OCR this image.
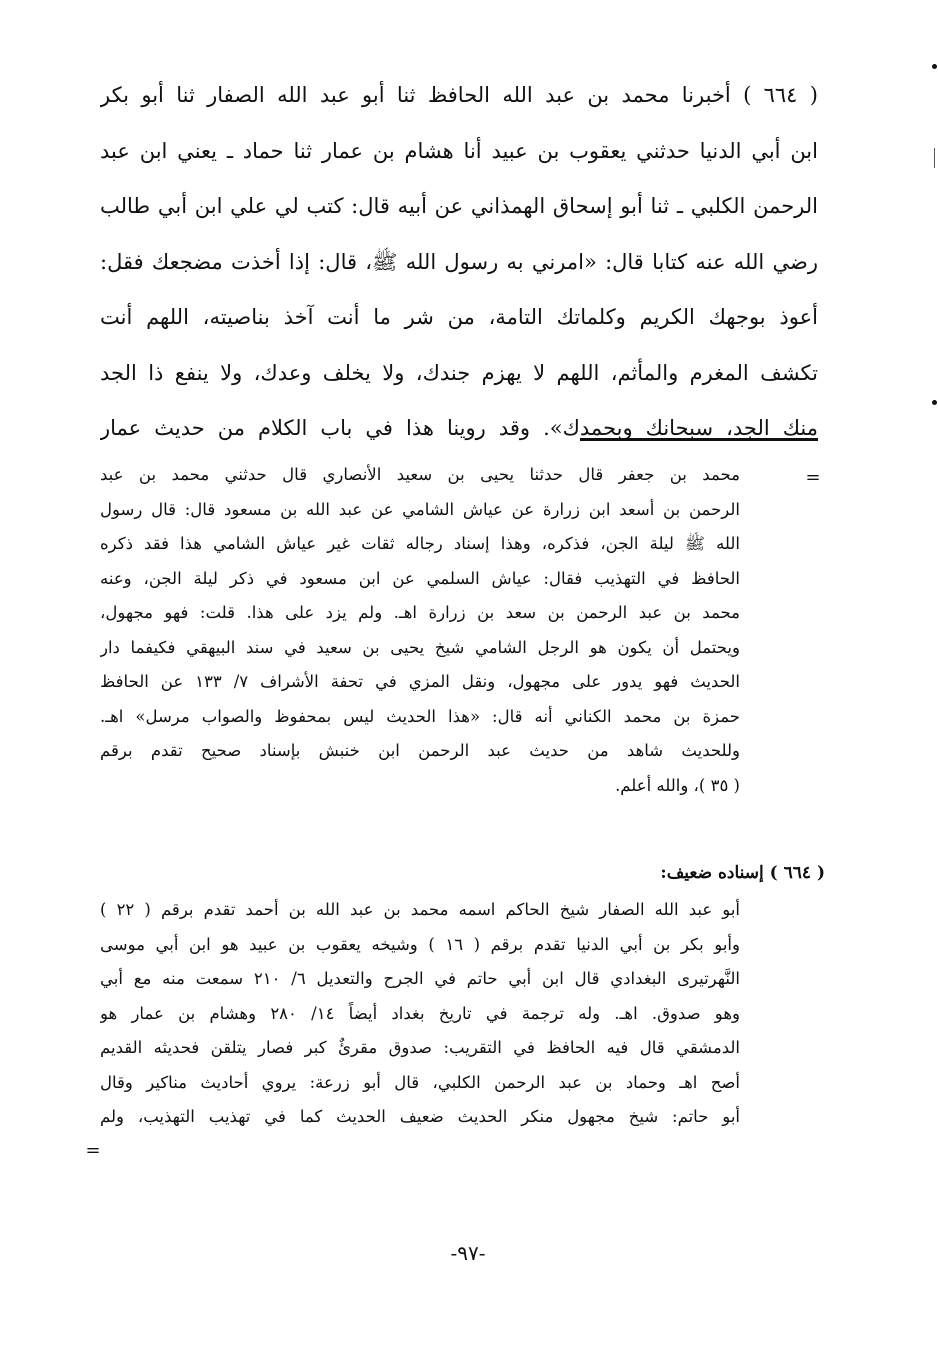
( ٦٦٤ ) أخبرنا محمد بن عبد الله الحافظ ثنا أبو عبد الله الصفار ثنا أبو بكر
ابن أبي الدنيا حدثني يعقوب بن عبيد أنا هشام بن عمار ثنا حماد ـ يعني ابن عبد
الرحمن الكلبي ـ ثنا أبو إسحاق الهمذاني عن أبيه قال: كتب لي علي ابن أبي طالب
رضي الله عنه كتابا قال: «امرني به رسول الله ﷺ، قال: إذا أخذت مضجعك فقل:
أعوذ بوجهك الكريم وكلماتك التامة، من شر ما أنت آخذ بناصيته، اللهم أنت
تكشف المغرم والمأثم، اللهم لا يهزم جندك، ولا يخلف وعدك، ولا ينفع ذا الجد
منك الجد، سبحانك وبحمدك». وقد روينا هذا في باب الكلام من حديث عمار
=
محمد بن جعفر قال حدثنا يحيى بن سعيد الأنصاري قال حدثني محمد بن عبد
الرحمن بن أسعد ابن زرارة عن عياش الشامي عن عبد الله بن مسعود قال: قال رسول
الله ﷺ ليلة الجن، فذكره، وهذا إسناد رجاله ثقات غير عياش الشامي هذا فقد ذكره
الحافظ في التهذيب فقال: عياش السلمي عن ابن مسعود في ذكر ليلة الجن، وعنه
محمد بن عبد الرحمن بن سعد بن زرارة اهـ. ولم يزد على هذا. قلت: فهو مجهول،
ويحتمل أن يكون هو الرجل الشامي شيخ يحيى بن سعيد في سند البيهقي فكيفما دار
الحديث فهو يدور على مجهول، ونقل المزي في تحفة الأشراف ٧/ ١٣٣ عن الحافظ
حمزة بن محمد الكناني أنه قال: «هذا الحديث ليس بمحفوظ والصواب مرسل» اهـ.
وللحديث شاهد من حديث عبد الرحمن ابن خنبش بإسناد صحيح تقدم برقم
( ٣٥ )، والله أعلم.
( ٦٦٤ ) إسناده ضعيف:
أبو عبد الله الصفار شيخ الحاكم اسمه محمد بن عبد الله بن أحمد تقدم برقم ( ٢٢ )
وأبو بكر بن أبي الدنيا تقدم برقم ( ١٦ ) وشيخه يعقوب بن عبيد هو ابن أبي موسى
النَّهرتيرى البغدادي قال ابن أبي حاتم في الجرح والتعديل ٦/ ٢١٠ سمعت منه مع أبي
وهو صدوق. اهـ. وله ترجمة في تاريخ بغداد أيضاً ١٤/ ٢٨٠ وهشام بن عمار هو
الدمشقي قال فيه الحافظ في التقريب: صدوق مقرئٌ كبر فصار يتلقن فحديثه القديم
أصح اهـ وحماد بن عبد الرحمن الكلبي، قال أبو زرعة: يروي أحاديث مناكير وقال
أبو حاتم: شيخ مجهول منكر الحديث ضعيف الحديث كما في تهذيب التهذيب، ولم
=
-٩٧-
